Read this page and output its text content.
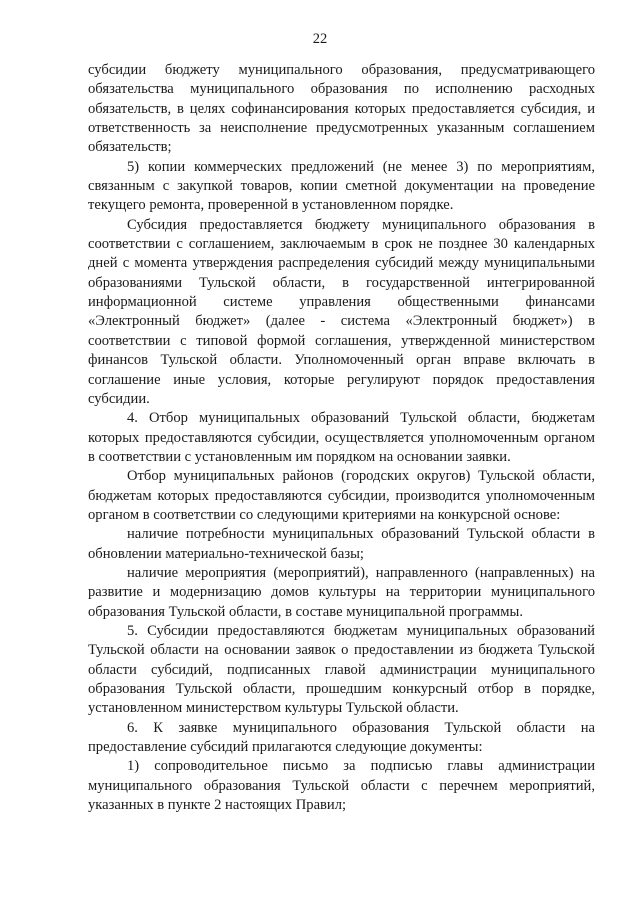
22

субсидии бюджету муниципального образования, предусматривающего обязательства муниципального образования по исполнению расходных обязательств, в целях софинансирования которых предоставляется субсидия, и ответственность за неисполнение предусмотренных указанным соглашением обязательств;

5) копии коммерческих предложений (не менее 3) по мероприятиям, связанным с закупкой товаров, копии сметной документации на проведение текущего ремонта, проверенной в установленном порядке.

Субсидия предоставляется бюджету муниципального образования в соответствии с соглашением, заключаемым в срок не позднее 30 календарных дней с момента утверждения распределения субсидий между муниципальными образованиями Тульской области, в государственной интегрированной информационной системе управления общественными финансами «Электронный бюджет» (далее - система «Электронный бюджет») в соответствии с типовой формой соглашения, утвержденной министерством финансов Тульской области. Уполномоченный орган вправе включать в соглашение иные условия, которые регулируют порядок предоставления субсидии.

4. Отбор муниципальных образований Тульской области, бюджетам которых предоставляются субсидии, осуществляется уполномоченным органом в соответствии с установленным им порядком на основании заявки.

Отбор муниципальных районов (городских округов) Тульской области, бюджетам которых предоставляются субсидии, производится уполномоченным органом в соответствии со следующими критериями на конкурсной основе:

наличие потребности муниципальных образований Тульской области в обновлении материально-технической базы;

наличие мероприятия (мероприятий), направленного (направленных) на развитие и модернизацию домов культуры на территории муниципального образования Тульской области, в составе муниципальной программы.

5. Субсидии предоставляются бюджетам муниципальных образований Тульской области на основании заявок о предоставлении из бюджета Тульской области субсидий, подписанных главой администрации муниципального образования Тульской области, прошедшим конкурсный отбор в порядке, установленном министерством культуры Тульской области.

6. К заявке муниципального образования Тульской области на предоставление субсидий прилагаются следующие документы:

1) сопроводительное письмо за подписью главы администрации муниципального образования Тульской области с перечнем мероприятий, указанных в пункте 2 настоящих Правил;
